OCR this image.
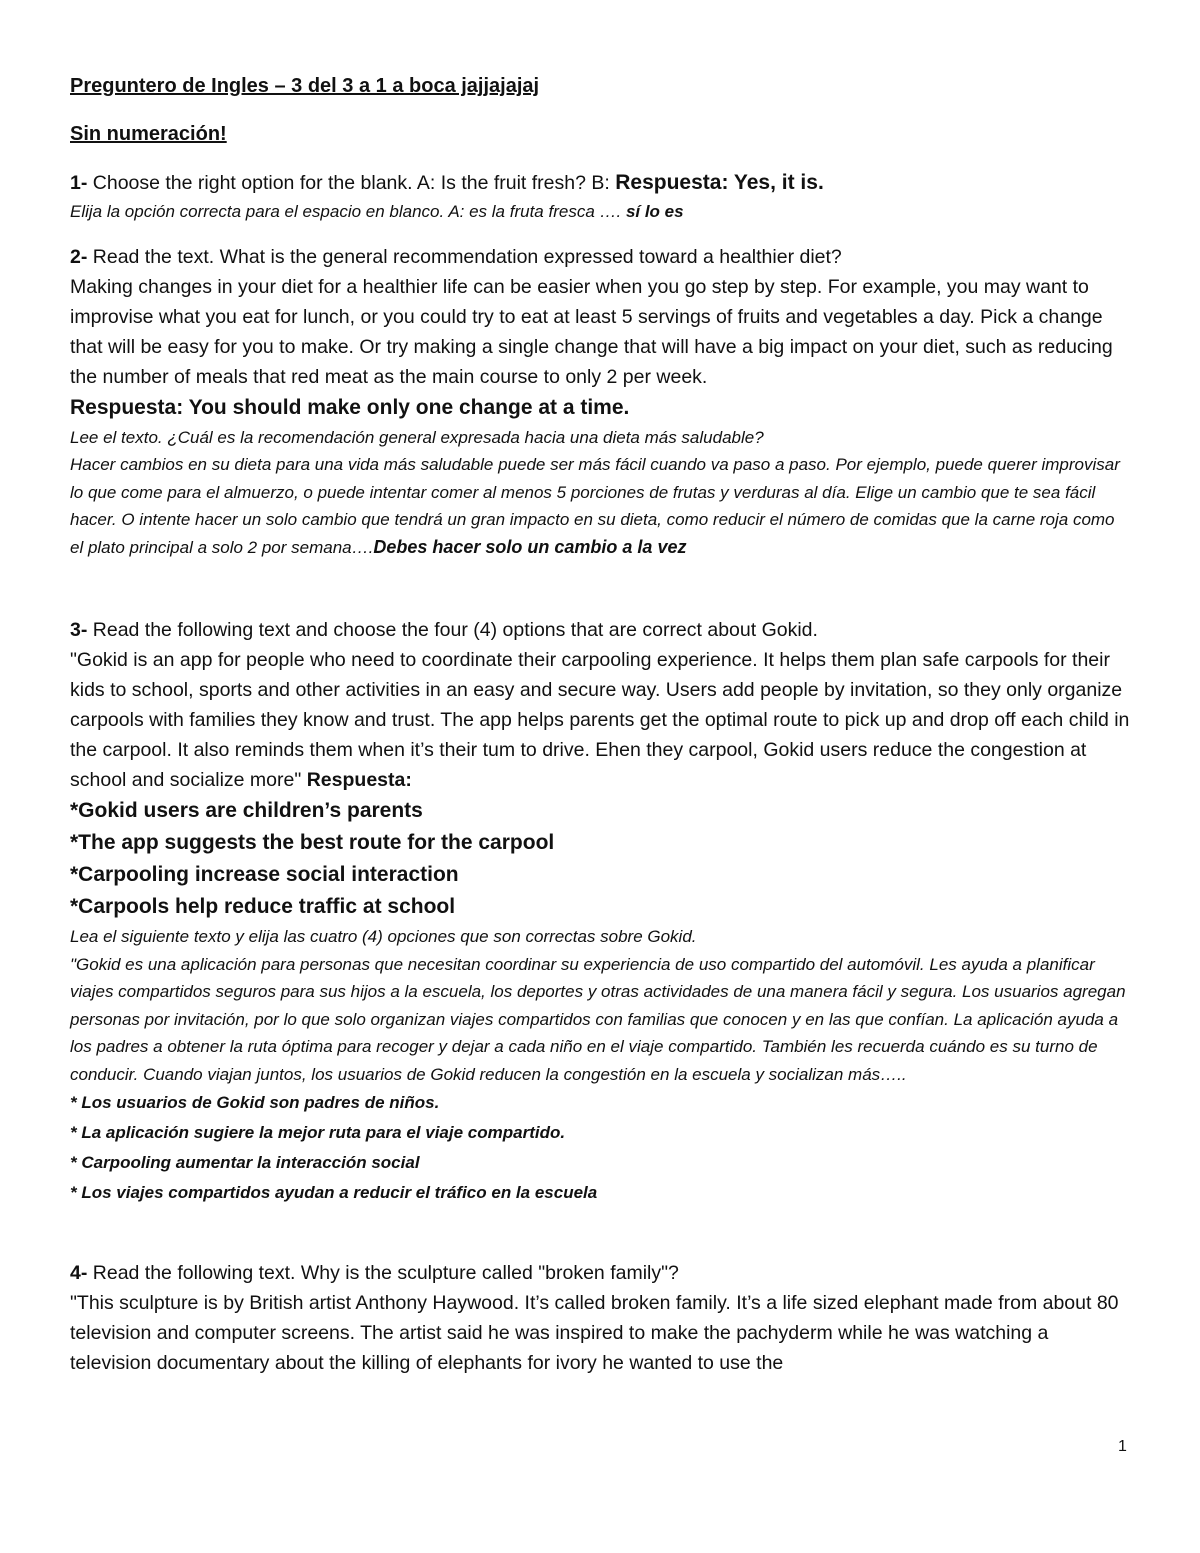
Preguntero de Ingles – 3 del 3 a 1 a boca jajjajajaj

Sin numeración!

1- Choose the right option for the blank. A: Is the fruit fresh? B: Respuesta: Yes, it is.

Elija la opción correcta para el espacio en blanco. A: es la fruta fresca …. sí lo es

2- Read the text. What is the general recommendation expressed toward a healthier diet?

Making changes in your diet for a healthier life can be easier when you go step by step. For example, you may want to improvise what you eat for lunch, or you could try to eat at least 5 servings of fruits and vegetables a day. Pick a change that will be easy for you to make. Or try making a single change that will have a big impact on your diet, such as reducing the number of meals that red meat as the main course to only 2 per week.

Respuesta: You should make only one change at a time.

Lee el texto. ¿Cuál es la recomendación general expresada hacia una dieta más saludable?

Hacer cambios en su dieta para una vida más saludable puede ser más fácil cuando va paso a paso. Por ejemplo, puede querer improvisar lo que come para el almuerzo, o puede intentar comer al menos 5 porciones de frutas y verduras al día. Elige un cambio que te sea fácil hacer. O intente hacer un solo cambio que tendrá un gran impacto en su dieta, como reducir el número de comidas que la carne roja como el plato principal a solo 2 por semana….Debes hacer solo un cambio a la vez

3- Read the following text and choose the four (4) options that are correct about Gokid.

"Gokid is an app for people who need to coordinate their carpooling experience. It helps them plan safe carpools for their kids to school, sports and other activities in an easy and secure way. Users add people by invitation, so they only organize carpools with families they know and trust. The app helps parents get the optimal route to pick up and drop off each child in the carpool. It also reminds them when it’s their tum to drive. Ehen they carpool, Gokid users reduce the congestion at school and socialize more" Respuesta:

*Gokid users are children’s parents

*The app suggests the best route for the carpool

*Carpooling increase social interaction

*Carpools help reduce traffic at school

Lea el siguiente texto y elija las cuatro (4) opciones que son correctas sobre Gokid.

"Gokid es una aplicación para personas que necesitan coordinar su experiencia de uso compartido del automóvil. Les ayuda a planificar viajes compartidos seguros para sus hijos a la escuela, los deportes y otras actividades de una manera fácil y segura. Los usuarios agregan personas por invitación, por lo que solo organizan viajes compartidos con familias que conocen y en las que confían. La aplicación ayuda a los padres a obtener la ruta óptima para recoger y dejar a cada niño en el viaje compartido. También les recuerda cuándo es su turno de conducir. Cuando viajan juntos, los usuarios de Gokid reducen la congestión en la escuela y socializan más…..

* Los usuarios de Gokid son padres de niños.

* La aplicación sugiere la mejor ruta para el viaje compartido.

* Carpooling aumentar la interacción social

* Los viajes compartidos ayudan a reducir el tráfico en la escuela

4- Read the following text. Why is the sculpture called "broken family"?

"This sculpture is by British artist Anthony Haywood. It’s called broken family. It’s a life sized elephant made from about 80 television and computer screens. The artist said he was inspired to make the pachyderm while he was watching a television documentary about the killing of elephants for ivory he wanted to use the

1
